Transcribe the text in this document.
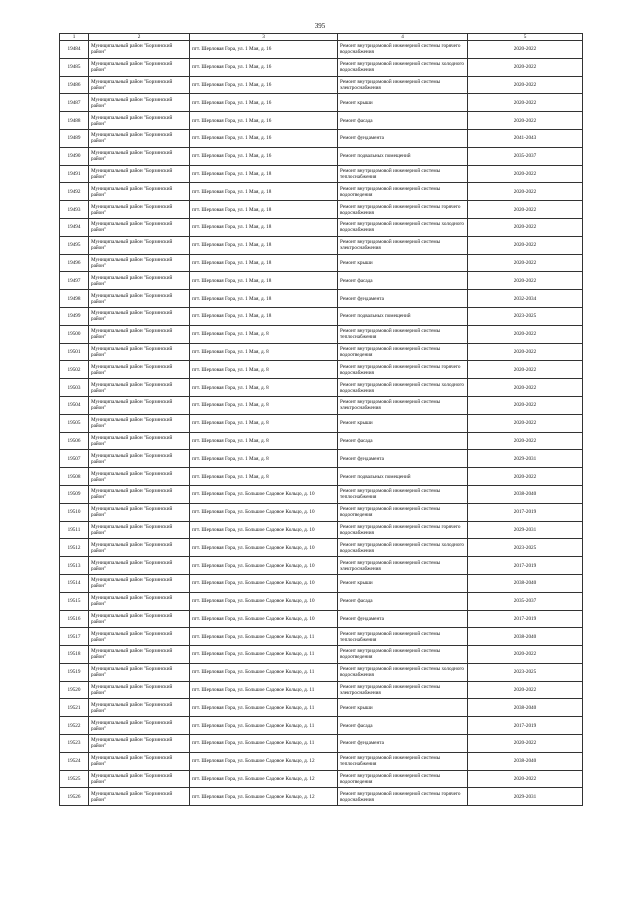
395
1	2	3	4	5
19484	Муниципальный район "Борзинский район"	пгт. Шерловая Гора, ул. 1 Мая, д. 16	Ремонт внутридомовой инженерной системы горячего водоснабжения	2020-2022
19485	Муниципальный район "Борзинский район"	пгт. Шерловая Гора, ул. 1 Мая, д. 16	Ремонт внутридомовой инженерной системы холодного водоснабжения	2020-2022
19486	Муниципальный район "Борзинский район"	пгт. Шерловая Гора, ул. 1 Мая, д. 16	Ремонт внутридомовой инженерной системы электроснабжения	2020-2022
19487	Муниципальный район "Борзинский район"	пгт. Шерловая Гора, ул. 1 Мая, д. 16	Ремонт крыши	2020-2022
19488	Муниципальный район "Борзинский район"	пгт. Шерловая Гора, ул. 1 Мая, д. 16	Ремонт фасада	2020-2022
19489	Муниципальный район "Борзинский район"	пгт. Шерловая Гора, ул. 1 Мая, д. 16	Ремонт фундамента	2041-2043
19490	Муниципальный район "Борзинский район"	пгт. Шерловая Гора, ул. 1 Мая, д. 16	Ремонт подвальных помещений	2035-2037
19491	Муниципальный район "Борзинский район"	пгт. Шерловая Гора, ул. 1 Мая, д. 18	Ремонт внутридомовой инженерной системы теплоснабжения	2020-2022
19492	Муниципальный район "Борзинский район"	пгт. Шерловая Гора, ул. 1 Мая, д. 18	Ремонт внутридомовой инженерной системы водоотведения	2020-2022
19493	Муниципальный район "Борзинский район"	пгт. Шерловая Гора, ул. 1 Мая, д. 18	Ремонт внутридомовой инженерной системы горячего водоснабжения	2020-2022
19494	Муниципальный район "Борзинский район"	пгт. Шерловая Гора, ул. 1 Мая, д. 18	Ремонт внутридомовой инженерной системы холодного водоснабжения	2020-2022
19495	Муниципальный район "Борзинский район"	пгт. Шерловая Гора, ул. 1 Мая, д. 18	Ремонт внутридомовой инженерной системы электроснабжения	2020-2022
19496	Муниципальный район "Борзинский район"	пгт. Шерловая Гора, ул. 1 Мая, д. 18	Ремонт крыши	2020-2022
19497	Муниципальный район "Борзинский район"	пгт. Шерловая Гора, ул. 1 Мая, д. 18	Ремонт фасада	2020-2022
19498	Муниципальный район "Борзинский район"	пгт. Шерловая Гора, ул. 1 Мая, д. 18	Ремонт фундамента	2032-2034
19499	Муниципальный район "Борзинский район"	пгт. Шерловая Гора, ул. 1 Мая, д. 18	Ремонт подвальных помещений	2023-2025
19500	Муниципальный район "Борзинский район"	пгт. Шерловая Гора, ул. 1 Мая, д. 8	Ремонт внутридомовой инженерной системы теплоснабжения	2020-2022
19501	Муниципальный район "Борзинский район"	пгт. Шерловая Гора, ул. 1 Мая, д. 8	Ремонт внутридомовой инженерной системы водоотведения	2020-2022
19502	Муниципальный район "Борзинский район"	пгт. Шерловая Гора, ул. 1 Мая, д. 8	Ремонт внутридомовой инженерной системы горячего водоснабжения	2020-2022
19503	Муниципальный район "Борзинский район"	пгт. Шерловая Гора, ул. 1 Мая, д. 8	Ремонт внутридомовой инженерной системы холодного водоснабжения	2020-2022
19504	Муниципальный район "Борзинский район"	пгт. Шерловая Гора, ул. 1 Мая, д. 8	Ремонт внутридомовой инженерной системы электроснабжения	2020-2022
19505	Муниципальный район "Борзинский район"	пгт. Шерловая Гора, ул. 1 Мая, д. 8	Ремонт крыши	2020-2022
19506	Муниципальный район "Борзинский район"	пгт. Шерловая Гора, ул. 1 Мая, д. 8	Ремонт фасада	2020-2022
19507	Муниципальный район "Борзинский район"	пгт. Шерловая Гора, ул. 1 Мая, д. 8	Ремонт фундамента	2029-2031
19508	Муниципальный район "Борзинский район"	пгт. Шерловая Гора, ул. 1 Мая, д. 8	Ремонт подвальных помещений	2020-2022
19509	Муниципальный район "Борзинский район"	пгт. Шерловая Гора, ул. Большое Садовое Кольцо, д. 10	Ремонт внутридомовой инженерной системы теплоснабжения	2038-2040
19510	Муниципальный район "Борзинский район"	пгт. Шерловая Гора, ул. Большое Садовое Кольцо, д. 10	Ремонт внутридомовой инженерной системы водоотведения	2017-2019
19511	Муниципальный район "Борзинский район"	пгт. Шерловая Гора, ул. Большое Садовое Кольцо, д. 10	Ремонт внутридомовой инженерной системы горячего водоснабжения	2029-2031
19512	Муниципальный район "Борзинский район"	пгт. Шерловая Гора, ул. Большое Садовое Кольцо, д. 10	Ремонт внутридомовой инженерной системы холодного водоснабжения	2023-2025
19513	Муниципальный район "Борзинский район"	пгт. Шерловая Гора, ул. Большое Садовое Кольцо, д. 10	Ремонт внутридомовой инженерной системы электроснабжения	2017-2019
19514	Муниципальный район "Борзинский район"	пгт. Шерловая Гора, ул. Большое Садовое Кольцо, д. 10	Ремонт крыши	2038-2040
19515	Муниципальный район "Борзинский район"	пгт. Шерловая Гора, ул. Большое Садовое Кольцо, д. 10	Ремонт фасада	2035-2037
19516	Муниципальный район "Борзинский район"	пгт. Шерловая Гора, ул. Большое Садовое Кольцо, д. 10	Ремонт фундамента	2017-2019
19517	Муниципальный район "Борзинский район"	пгт. Шерловая Гора, ул. Большое Садовое Кольцо, д. 11	Ремонт внутридомовой инженерной системы теплоснабжения	2038-2040
19518	Муниципальный район "Борзинский район"	пгт. Шерловая Гора, ул. Большое Садовое Кольцо, д. 11	Ремонт внутридомовой инженерной системы водоотведения	2020-2022
19519	Муниципальный район "Борзинский район"	пгт. Шерловая Гора, ул. Большое Садовое Кольцо, д. 11	Ремонт внутридомовой инженерной системы холодного водоснабжения	2023-2025
19520	Муниципальный район "Борзинский район"	пгт. Шерловая Гора, ул. Большое Садовое Кольцо, д. 11	Ремонт внутридомовой инженерной системы электроснабжения	2020-2022
19521	Муниципальный район "Борзинский район"	пгт. Шерловая Гора, ул. Большое Садовое Кольцо, д. 11	Ремонт крыши	2038-2040
19522	Муниципальный район "Борзинский район"	пгт. Шерловая Гора, ул. Большое Садовое Кольцо, д. 11	Ремонт фасада	2017-2019
19523	Муниципальный район "Борзинский район"	пгт. Шерловая Гора, ул. Большое Садовое Кольцо, д. 11	Ремонт фундамента	2020-2022
19524	Муниципальный район "Борзинский район"	пгт. Шерловая Гора, ул. Большое Садовое Кольцо, д. 12	Ремонт внутридомовой инженерной системы теплоснабжения	2038-2040
19525	Муниципальный район "Борзинский район"	пгт. Шерловая Гора, ул. Большое Садовое Кольцо, д. 12	Ремонт внутридомовой инженерной системы водоотведения	2020-2022
19526	Муниципальный район "Борзинский район"	пгт. Шерловая Гора, ул. Большое Садовое Кольцо, д. 12	Ремонт внутридомовой инженерной системы горячего водоснабжения	2029-2031
